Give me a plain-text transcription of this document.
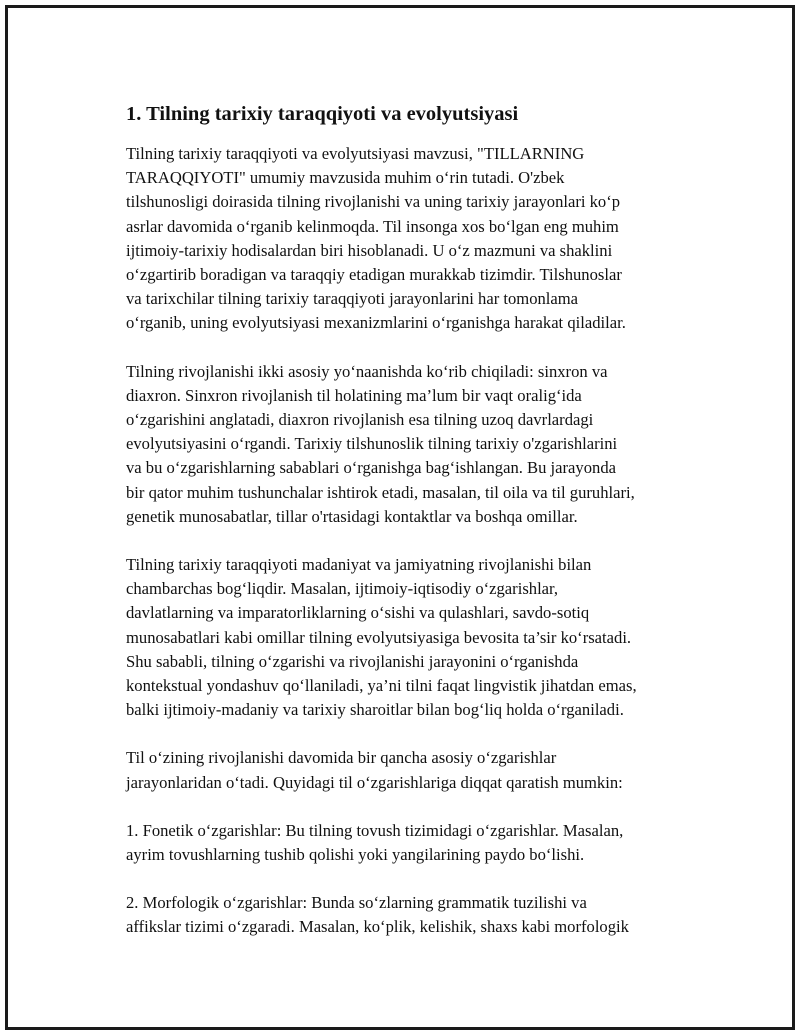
1. Tilning tarixiy taraqqiyoti va evolyutsiyasi

Tilning tarixiy taraqqiyoti va evolyutsiyasi mavzusi, "TILLARNING
TARAQQIYOTI" umumiy mavzusida muhim o‘rin tutadi. O'zbek
tilshunosligi doirasida tilning rivojlanishi va uning tarixiy jarayonlari ko‘p
asrlar davomida o‘rganib kelinmoqda. Til insonga xos bo‘lgan eng muhim
ijtimoiy-tarixiy hodisalardan biri hisoblanadi. U o‘z mazmuni va shaklini
o‘zgartirib boradigan va taraqqiy etadigan murakkab tizimdir. Tilshunoslar
va tarixchilar tilning tarixiy taraqqiyoti jarayonlarini har tomonlama
o‘rganib, uning evolyutsiyasi mexanizmlarini o‘rganishga harakat qiladilar.

Tilning rivojlanishi ikki asosiy yo‘naanishda ko‘rib chiqiladi: sinxron va
diaxron. Sinxron rivojlanish til holatining ma’lum bir vaqt oralig‘ida
o‘zgarishini anglatadi, diaxron rivojlanish esa tilning uzoq davrlardagi
evolyutsiyasini o‘rgandi. Tarixiy tilshunoslik tilning tarixiy o'zgarishlarini
va bu o‘zgarishlarning sabablari o‘rganishga bag‘ishlangan. Bu jarayonda
bir qator muhim tushunchalar ishtirok etadi, masalan, til oila va til guruhlari,
genetik munosabatlar, tillar o'rtasidagi kontaktlar va boshqa omillar.

Tilning tarixiy taraqqiyoti madaniyat va jamiyatning rivojlanishi bilan
chambarchas bog‘liqdir. Masalan, ijtimoiy-iqtisodiy o‘zgarishlar,
davlatlarning va imparatorliklarning o‘sishi va qulashlari, savdo-sotiq
munosabatlari kabi omillar tilning evolyutsiyasiga bevosita ta’sir ko‘rsatadi.
Shu sababli, tilning o‘zgarishi va rivojlanishi jarayonini o‘rganishda
kontekstual yondashuv qo‘llaniladi, ya’ni tilni faqat lingvistik jihatdan emas,
balki ijtimoiy-madaniy va tarixiy sharoitlar bilan bog‘liq holda o‘rganiladi.

Til o‘zining rivojlanishi davomida bir qancha asosiy o‘zgarishlar
jarayonlaridan o‘tadi. Quyidagi til o‘zgarishlariga diqqat qaratish mumkin:

1. Fonetik o‘zgarishlar: Bu tilning tovush tizimidagi o‘zgarishlar. Masalan,
ayrim tovushlarning tushib qolishi yoki yangilarining paydo bo‘lishi.

2. Morfologik o‘zgarishlar: Bunda so‘zlarning grammatik tuzilishi va
affikslar tizimi o‘zgaradi. Masalan, ko‘plik, kelishik, shaxs kabi morfologik
